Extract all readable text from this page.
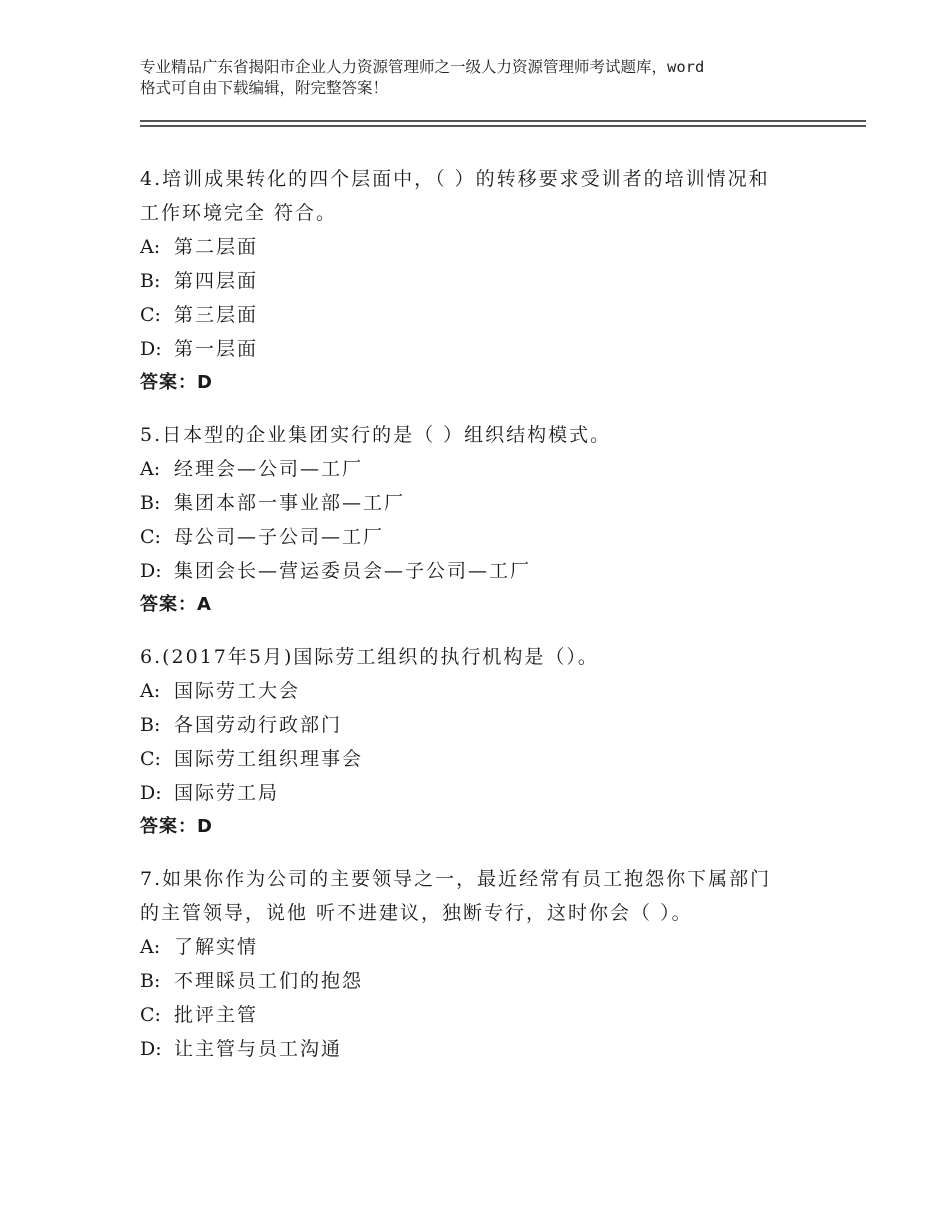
专业精品广东省揭阳市企业人力资源管理师之一级人力资源管理师考试题库，word
格式可自由下载编辑，附完整答案！
4.培训成果转化的四个层面中，（ ）的转移要求受训者的培训情况和
工作环境完全 符合。
A: 第二层面
B: 第四层面
C: 第三层面
D: 第一层面
答案：D
5.日本型的企业集团实行的是（ ）组织结构模式。
A: 经理会—公司—工厂
B: 集团本部一事业部—工厂
C: 母公司—子公司—工厂
D: 集团会长—营运委员会—子公司—工厂
答案：A
6.(2017年5月)国际劳工组织的执行机构是（）。
A: 国际劳工大会
B: 各国劳动行政部门
C: 国际劳工组织理事会
D: 国际劳工局
答案：D
7.如果你作为公司的主要领导之一，最近经常有员工抱怨你下属部门
的主管领导，说他 听不进建议，独断专行，这时你会（ ）。
A: 了解实情
B: 不理睬员工们的抱怨
C: 批评主管
D: 让主管与员工沟通
